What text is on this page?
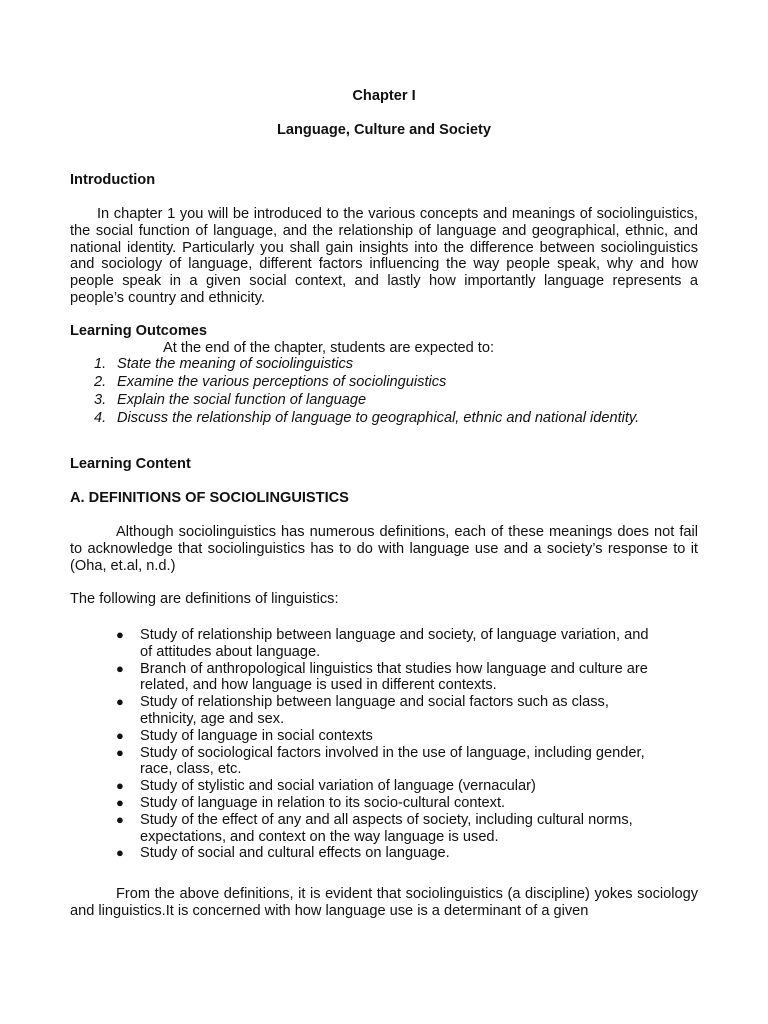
Chapter I
Language, Culture and Society
Introduction
In chapter 1 you will be introduced to the various concepts and meanings of sociolinguistics, the social function of language, and the relationship of language and geographical, ethnic, and national identity. Particularly you shall gain insights into the difference between sociolinguistics and sociology of language, different factors influencing the way people speak, why and how people speak in a given social context, and lastly how importantly language represents a people’s country and ethnicity.
Learning Outcomes
At the end of the chapter, students are expected to:
1. State the meaning of sociolinguistics
2. Examine the various perceptions of sociolinguistics
3. Explain the social function of language
4. Discuss the relationship of language to geographical, ethnic and national identity.
Learning Content
A. DEFINITIONS OF SOCIOLINGUISTICS
Although sociolinguistics has numerous definitions, each of these meanings does not fail to acknowledge that sociolinguistics has to do with language use and a society’s response to it (Oha, et.al, n.d.)
The following are definitions of linguistics:
● Study of relationship between language and society, of language variation, and
of attitudes about language.
● Branch of anthropological linguistics that studies how language and culture are
related, and how language is used in different contexts.
● Study of relationship between language and social factors such as class,
ethnicity, age and sex.
● Study of language in social contexts
● Study of sociological factors involved in the use of language, including gender,
race, class, etc.
● Study of stylistic and social variation of language (vernacular)
● Study of language in relation to its socio-cultural context.
● Study of the effect of any and all aspects of society, including cultural norms,
expectations, and context on the way language is used.
● Study of social and cultural effects on language.
From the above definitions, it is evident that sociolinguistics (a discipline) yokes sociology and linguistics.It is concerned with how language use is a determinant of a given
